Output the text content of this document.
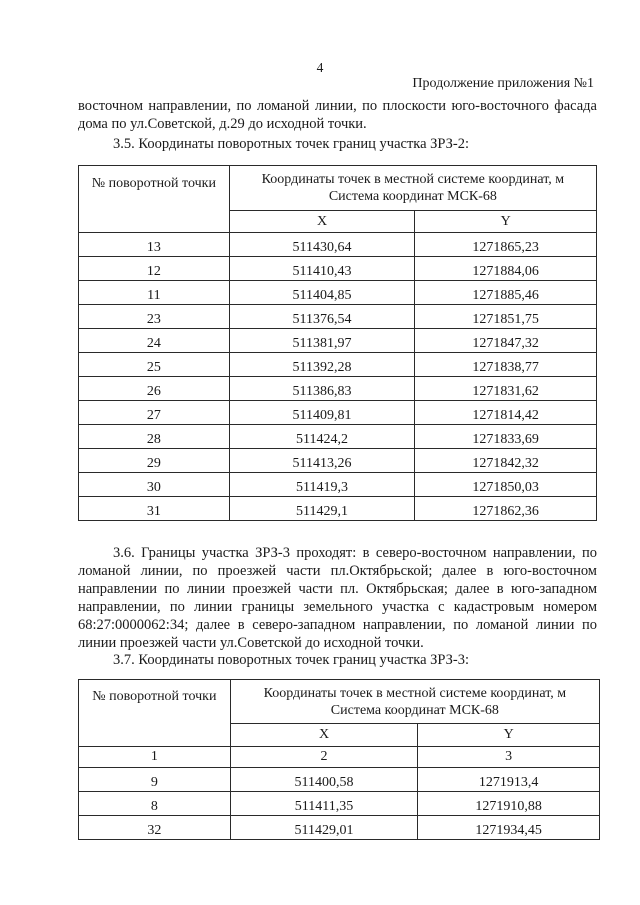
4
Продолжение приложения №1

восточном направлении, по ломаной линии, по плоскости юго-восточного фасада дома по ул.Советской, д.29 до исходной точки.

3.5. Координаты поворотных точек границ участка ЗРЗ-2:

№ поворотной точки	Координаты точек в местной системе координат, м
Система координат МСК-68	

	X	Y
13	511430,64	1271865,23
12	511410,43	1271884,06
11	511404,85	1271885,46
23	511376,54	1271851,75
24	511381,97	1271847,32
25	511392,28	1271838,77
26	511386,83	1271831,62
27	511409,81	1271814,42
28	511424,2	1271833,69
29	511413,26	1271842,32
30	511419,3	1271850,03
31	511429,1	1271862,36

3.6. Границы участка ЗРЗ-3 проходят: в северо-восточном направлении, по ломаной линии, по проезжей части пл.Октябрьской; далее в юго-восточном направлении по линии проезжей части пл. Октябрьская; далее в юго-западном направлении, по линии границы земельного участка с кадастровым номером 68:27:0000062:34; далее в северо-западном направлении, по ломаной линии по линии проезжей части ул.Советской до исходной точки.

3.7. Координаты поворотных точек границ участка ЗРЗ-3:

№ поворотной точки	Координаты точек в местной системе координат, м
Система координат МСК-68	

	X	Y
1	2	3
9	511400,58	1271913,4
8	511411,35	1271910,88
32	511429,01	1271934,45
